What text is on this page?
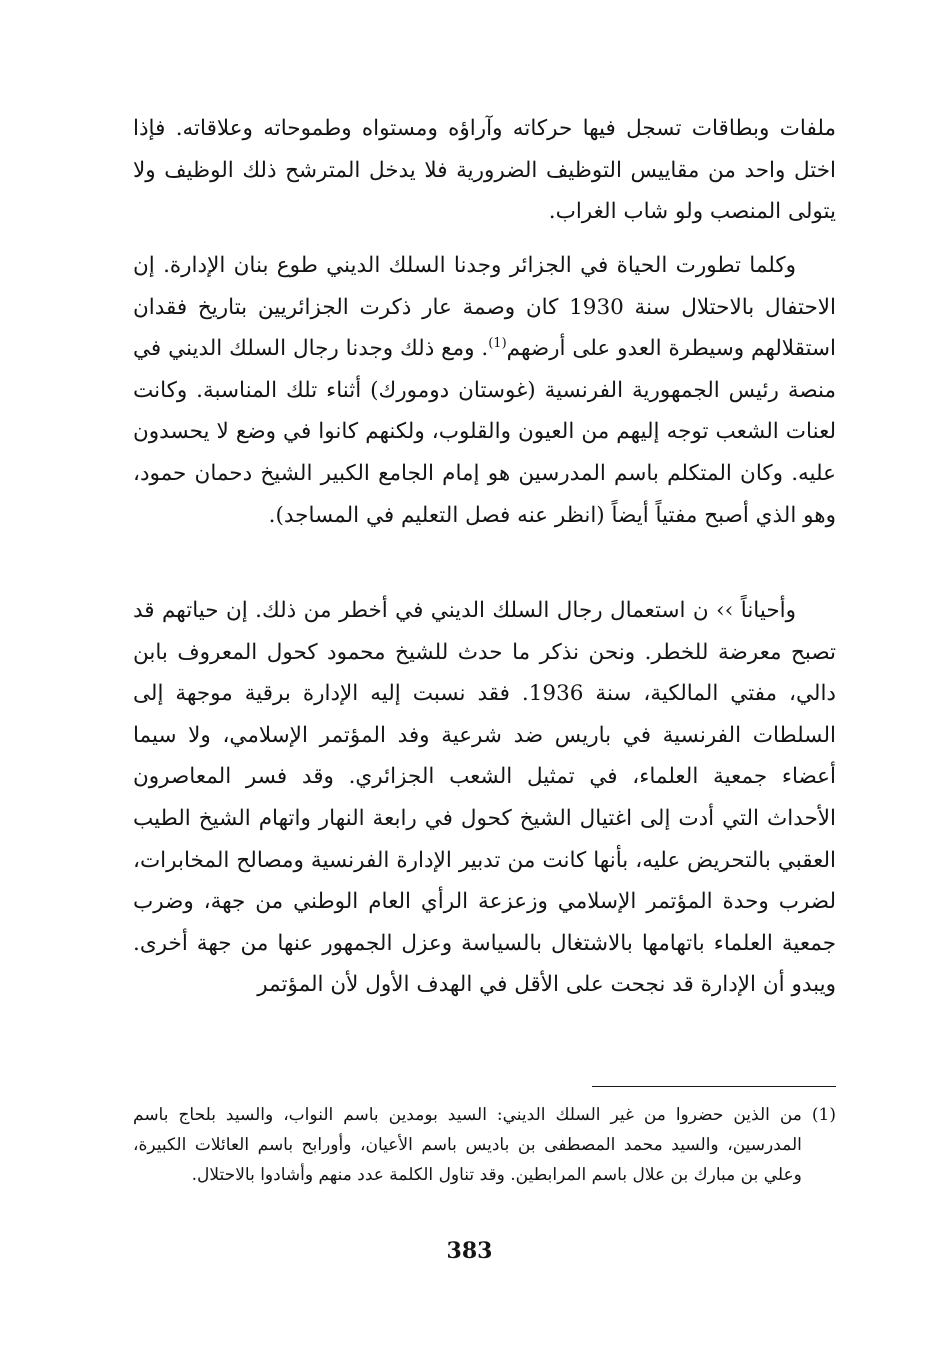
ملفات وبطاقات تسجل فيها حركاته وآراؤه ومستواه وطموحاته وعلاقاته. فإذا اختل واحد من مقاييس التوظيف الضرورية فلا يدخل المترشح ذلك الوظيف ولا يتولى المنصب ولو شاب الغراب.

وكلما تطورت الحياة في الجزائر وجدنا السلك الديني طوع بنان الإدارة. إن الاحتفال بالاحتلال سنة 1930 كان وصمة عار ذكرت الجزائريين بتاريخ فقدان استقلالهم وسيطرة العدو على أرضهم$^{(1)}$. ومع ذلك وجدنا رجال السلك الديني في منصة رئيس الجمهورية الفرنسية (غوستان دومورك) أثناء تلك المناسبة. وكانت لعنات الشعب توجه إليهم من العيون والقلوب، ولكنهم كانوا في وضع لا يحسدون عليه. وكان المتكلم باسم المدرسين هو إمام الجامع الكبير الشيخ دحمان حمود، وهو الذي أصبح مفتياً أيضاً (انظر عنه فصل التعليم في المساجد).

وأحياناً ›› ن استعمال رجال السلك الديني في أخطر من ذلك. إن حياتهم قد تصبح معرضة للخطر. ونحن نذكر ما حدث للشيخ محمود كحول المعروف بابن دالي، مفتي المالكية، سنة 1936. فقد نسبت إليه الإدارة برقية موجهة إلى السلطات الفرنسية في باريس ضد شرعية وفد المؤتمر الإسلامي، ولا سيما أعضاء جمعية العلماء، في تمثيل الشعب الجزائري. وقد فسر المعاصرون الأحداث التي أدت إلى اغتيال الشيخ كحول في رابعة النهار واتهام الشيخ الطيب العقبي بالتحريض عليه، بأنها كانت من تدبير الإدارة الفرنسية ومصالح المخابرات، لضرب وحدة المؤتمر الإسلامي وزعزعة الرأي العام الوطني من جهة، وضرب جمعية العلماء باتهامها بالاشتغال بالسياسة وعزل الجمهور عنها من جهة أخرى. ويبدو أن الإدارة قد نجحت على الأقل في الهدف الأول لأن المؤتمر

(1)
من الذين حضروا من غير السلك الديني: السيد بومدين باسم النواب، والسيد بلحاج باسم المدرسين، والسيد محمد المصطفى بن باديس باسم الأعيان، وأورابح باسم العائلات الكبيرة، وعلي بن مبارك بن علال باسم المرابطين. وقد تناول الكلمة عدد منهم وأشادوا بالاحتلال.
383
